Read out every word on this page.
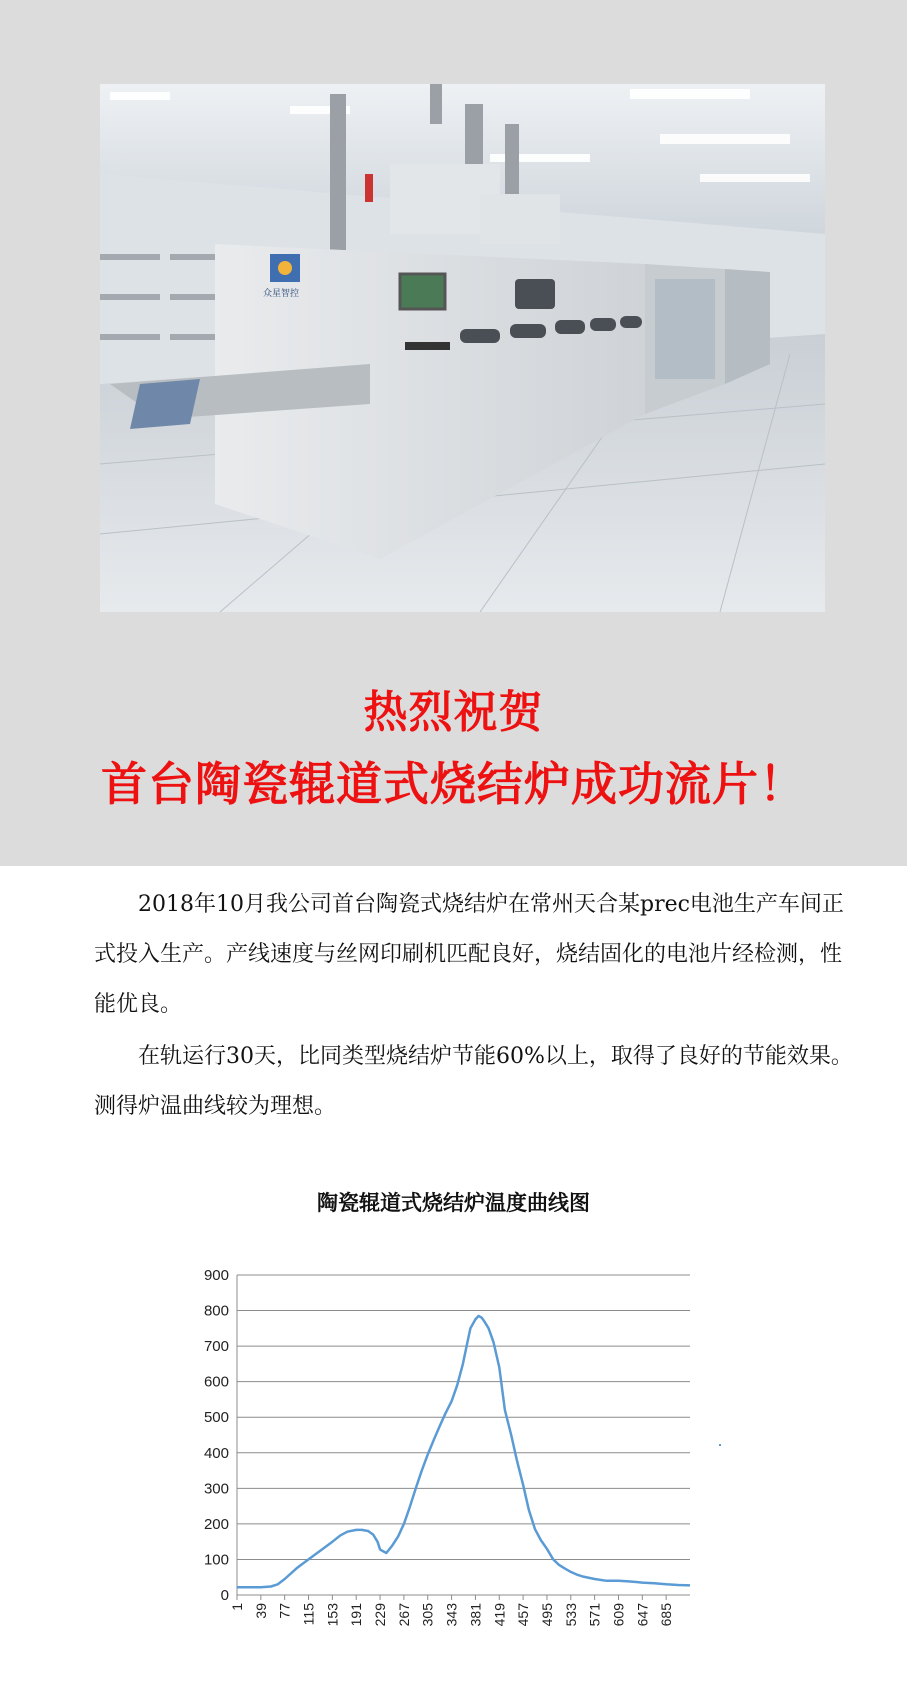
众星智控
热烈祝贺
首台陶瓷辊道式烧结炉成功流片！

2018年10月我公司首台陶瓷式烧结炉在常州天合某prec电池生产车间正式投入生产。产线速度与丝网印刷机匹配良好，烧结固化的电池片经检测，性能优良。

在轨运行30天，比同类型烧结炉节能60%以上，取得了良好的节能效果。测得炉温曲线较为理想。

陶瓷辊道式烧结炉温度曲线图
0
100
200
300
400
500
600
700
800
900
1 39 77 115 153 191 229 267 305 343 381 419 457 495 533 571 609 647 685
